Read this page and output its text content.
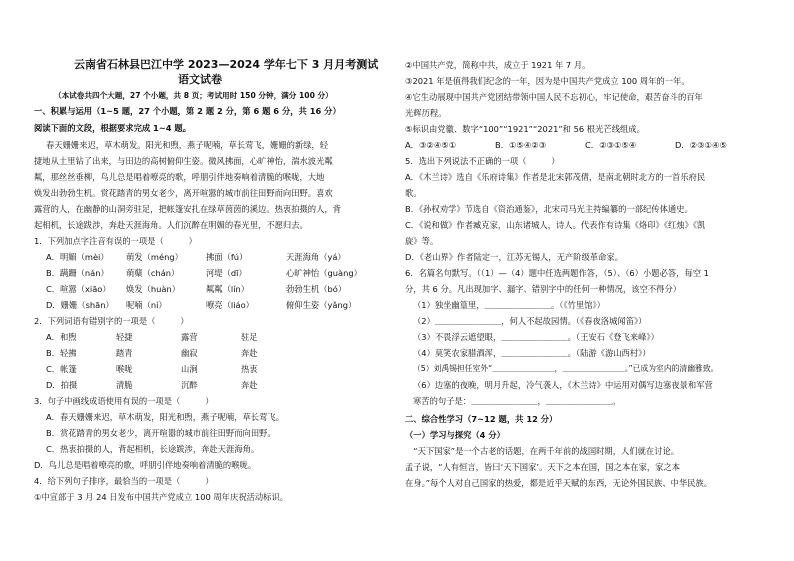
云南省石林县巴江中学 2023—2024 学年七下 3 月月考测试
语文试卷
（本试卷共四个大题，27 个小题，共 8 页；考试用时 150 分钟，满分 100 分）
一、积累与运用（1~5 题，27 个小题，第 2 题 2 分，第 6 题 6 分，共 16 分）
阅读下面的文段，根据要求完成 1~4 题。
春天姗姗来迟，草木萌发。阳光和煦，燕子呢喃，草长莺飞，姗姗的新绿，轻
捷地从土里钻了出来，与田边的高树俯仰生姿。微风拂面，心旷神怡，湍水波光粼
粼，那丝丝垂柳，鸟儿总是唱着嘹亮的歌，呼朋引伴地奏响着清脆的喉咙，大地
焕发出勃勃生机。赏花踏青的男女老少，离开喧嚣的城市前往田野而向田野。喜欢
露营的人，在幽静的山洞旁驻足，把帐篷安扎在绿草茵茵的溪边。热衷拍摄的人，背
起相机，长途跋涉，奔赴天涯海角。人们沉醉在明媚的春光里，不愿归去。
1．下列加点字注音有误的一项是（　　　）
A．明媚（mèi） 萌发（méng）	拂面（fú）	天涯海角（yá）
B．蹒跚（nán） 萌蘖（chán）	河堤（dī）	心旷神怡（guàng）
C．喧嚣（xiāo） 焕发（huàn）	粼粼（lín）	勃勃生机（bó）
D．姗姗（shān） 呢喃（ní）	嘹亮（liáo）	俯仰生姿（yǎng）
2．下列词语有错别字的一项是（　　　）
A．和煦	轻捷	露营	驻足
B．轻拂	踏青	幽寂	奔赴
C．帐篷	喉咙	山涧	热衷
D．拍摄	清脆	沉醉	奔赴
3．句子中画线成语使用有误的一项是（　　　）
A．春天姗姗来迟，草木萌发，阳光和煦，燕子呢喃，草长莺飞。
B．赏花踏青的男女老少，离开喧嚣的城市前往田野而向田野。
C．热衷拍摄的人，背起相机，长途跋涉，奔赴天涯海角。
D．鸟儿总是唱着嘹亮的歌，呼朋引伴地奏响着清脆的喉咙。
4．给下列句子排序，最恰当的一项是（　　　）
①中宣部于 3 月 24 日发布中国共产党成立 100 周年庆祝活动标识。
②中国共产党，简称中共，成立于 1921 年 7 月。
③2021 年是值得我们纪念的一年，因为是中国共产党成立 100 周年的一年。
④它生动展现中国共产党团结带领中国人民不忘初心，牢记使命，艰苦奋斗的百年
光辉历程。
⑤标识由党徽、数字“100”“1921”“2021”和 56 根光芒线组成。
A．③②④⑤①	B．①⑤④②③	C．②③①⑤④	D．②③①④⑤
5．选出下列说法不正确的一项（　　　）
A．《木兰诗》选自《乐府诗集》作者是北宋郭茂倩，是南北朝时北方的一首乐府民
歌。
B．《孙权劝学》节选自《资治通鉴》，北宋司马光主持编纂的一部纪传体通史。
C．《说和做》作者臧克家，山东诸城人，诗人。代表作有诗集《烙印》《红烛》《凯
旋》等。
D．《老山界》作者陆定一，江苏无锡人，无产阶级革命家。
6．名篇名句默写。（（1）—（4）题中任选两题作答，（5）、（6）小题必答，每空 1
分，共 6 分。凡出现加字、漏字、错别字中的任何一种情况，该空不得分）
（1）独坐幽篁里，＿＿＿＿＿＿＿＿。（《竹里馆》）
（2）＿＿＿＿＿＿＿＿，何人不起故园情。（《春夜洛城闻笛》）
（3）不畏浮云遮望眼，＿＿＿＿＿＿＿＿。（王安石《登飞来峰》）
（4）莫笑农家腊酒浑，＿＿＿＿＿＿＿＿。（陆游《游山西村》）
（5）刘禹锡担任室外“＿＿＿＿＿＿＿＿，＿＿＿＿＿＿＿＿。”已成为室内的清幽雅致。
（6）边塞的夜晚，明月升起，冷气袭人，《木兰诗》中运用对偶写边塞夜景和军营
寒苦的句子是：＿＿＿＿＿＿＿＿，＿＿＿＿＿＿＿＿。
二、综合性学习（7~12 题，共 12 分）
（一）学习与探究（4 分）
　“天下国家”是一个古老的话题，在两千年前的战国时期，人们就在讨论。
孟子说，“人有恒言，皆曰‘天下国家’。天下之本在国，国之本在家，家之本
在身。”每个人对自己国家的热爱，都是近乎天赋的东西，无论外国民族、中华民族。
